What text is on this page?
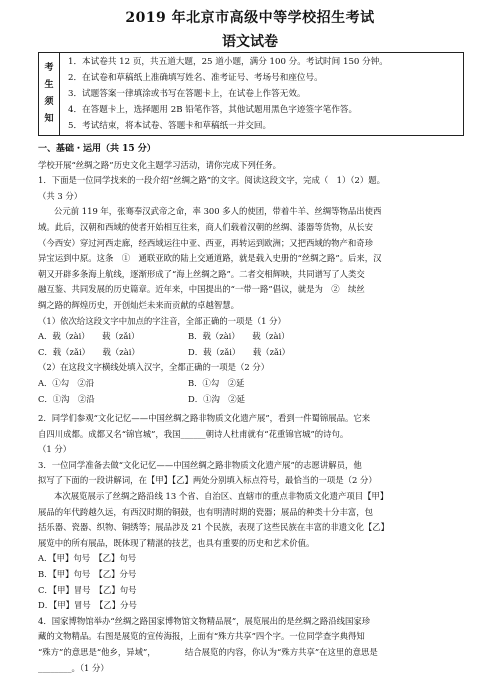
2019 年北京市高级中等学校招生考试
语文试卷
考
生
须
知

1．本试卷共 12 页，共五道大题，25 道小题，满分 100 分。考试时间 150 分钟。
2．在试卷和草稿纸上准确填写姓名、准考证号、考场号和座位号。
3．试题答案一律填涂或书写在答题卡上，在试卷上作答无效。
4．在答题卡上，选择题用 2B 铅笔作答，其他试题用黑色字迹签字笔作答。
5．考试结束，将本试卷、答题卡和草稿纸一并交回。
一、基础・运用（共 15 分）
学校开展“丝绸之路”历史文化主题学习活动，请你完成下列任务。
1．下面是一位同学找来的一段介绍“丝绸之路”的文字。阅读这段文字，完成（　1）（2）题。
（共 3 分）
公元前 119 年，张骞奉汉武帝之命，率 300 多人的使团，带着牛羊、丝绸等物品出使西
域。此后，汉朝和西域的使者开始相互往来，商人们载着汉朝的丝绸、漆器等货物，从长安
（今西安）穿过河西走廊，经西域运往中亚、西亚，再转运到欧洲；又把西域的物产和奇珍
异宝运到中原。这条　①　通联亚欧的陆上交通道路，就是载入史册的“丝绸之路”。后来，汉
朝又开辟多条海上航线，逐渐形成了“海上丝绸之路”。二者交相辉映，共同谱写了人类交
融互鉴、共同发展的历史篇章。近年来，中国提出的“一带一路”倡议，就是为　②　续丝
绸之路的辉煌历史，开创灿烂未来而贡献的卓越智慧。
（1）依次给这段文字中加点的字注音，全部正确的一项是（1 分）
A．载（zài）　　载（zǎi）	B．载（zài）　　载（zài）
C．载（zǎi）　　载（zài）	D．载（zǎi）　　载（zǎi）
（2）在这段文字横线处填入汉字，全都正确的一项是（2 分）
A．①勾　②沿	B．①勾　②延
C．①沟　②沿	D．①沟　②延
2．同学们参观“文化记忆——中国丝绸之路非物质文化遗产展”，看到一件蜀锦展品。它来
自四川成都。成都又名“锦官城”，我国______朝诗人杜甫就有“花重锦官城”的诗句。
（1 分）
3．一位同学准备去做“文化记忆——中国丝绸之路非物质文化遗产展”的志愿讲解员，他
拟写了下面的一段讲解词，在【甲】【乙】两处分别填入标点符号，最恰当的一项是（2 分）
本次展览展示了丝绸之路沿线 13 个省、自治区、直辖市的重点非物质文化遗产项目【甲】
展品的年代跨越久远，有西汉时期的铜鼓，也有明清时期的瓷器；展品的种类十分丰富，包
括乐器、瓷器、织物、铜绣等；展品涉及 21 个民族，表现了这些民族在丰富的非遗文化【乙】
展览中的所有展品，既体现了精湛的技艺，也具有重要的历史和艺术价值。
A．【甲】句号　【乙】句号
B．【甲】句号　【乙】分号
C．【甲】冒号　【乙】句号
D．【甲】冒号　【乙】分号
4．国家博物馆举办“丝绸之路国家博物馆文物精品展”，展览展出的是丝绸之路沿线国家珍
藏的文物精品。右图是展览的宣传海报，上面有“殊方共享”四个字。一位同学查字典得知
“殊方”的意思是“他乡，异域”，　　　　结合展览的内容，你认为“殊方共享”在这里的意思是
________。（1 分）
